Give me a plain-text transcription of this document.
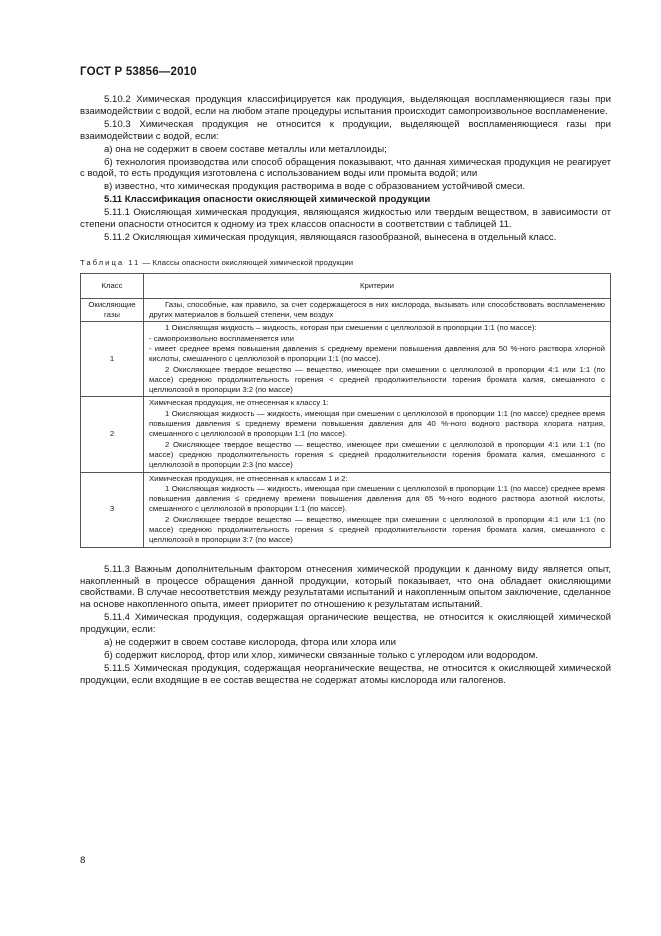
ГОСТ Р 53856—2010

5.10.2 Химическая продукция классифицируется как продукция, выделяющая воспламеняющиеся газы при взаимодействии с водой, если на любом этапе процедуры испытания происходит самопроизвольное воспламенение.

5.10.3 Химическая продукция не относится к продукции, выделяющей воспламеняющиеся газы при взаимодействии с водой, если:

а) она не содержит в своем составе металлы или металлоиды;

б) технология производства или способ обращения показывают, что данная химическая продукция не реагирует с водой, то есть продукция изготовлена с использованием воды или промыта водой; или

в) известно, что химическая продукция растворима в воде с образованием устойчивой смеси.

5.11 Классификация опасности окисляющей химической продукции

5.11.1 Окисляющая химическая продукция, являющаяся жидкостью или твердым веществом, в зависимости от степени опасности относится к одному из трех классов опасности в соответствии с таблицей 11.

5.11.2 Окисляющая химическая продукция, являющаяся газообразной, вынесена в отдельный класс.

Таблица 11 — Классы опасности окисляющей химической продукции
Класс	Критерии
Окисляющие газы	Газы, способные, как правило, за счет содержащегося в них кислорода, вызывать или способствовать воспламенению других материалов в большей степени, чем воздух
1	1 Окисляющая жидкость – жидкость, которая при смешении с целлюлозой в пропорции 1:1 (по массе):
- самопроизвольно воспламеняется или
- имеет среднее время повышения давления ≤ среднему времени повышения давления для 50 %-ного раствора хлорной кислоты, смешанного с целлюлозой в пропорции 1:1 (по массе).
2 Окисляющее твердое вещество — вещество, имеющее при смешении с целлюлозой в пропорции 4:1 или 1:1 (по массе) среднюю продолжительность горения < средней продолжительности горения бромата калия, смешанного с целлюлозой в пропорции 3:2 (по массе)

2	Химическая продукция, не отнесенная к классу 1:
1 Окисляющая жидкость — жидкость, имеющая при смешении с целлюлозой в пропорции 1:1 (по массе) среднее время повышения давления ≤ среднему времени повышения давления для 40 %-ного водного раствора хлората натрия, смешанного с целлюлозой в пропорции 1:1 (по массе).
2 Окисляющее твердое вещество — вещество, имеющее при смешении с целлюлозой в пропорции 4:1 или 1:1 (по массе) среднюю продолжительность горения ≤ средней продолжительности горения бромата калия, смешанного с целлюлозой в пропорции 2:3 (по массе)

3	Химическая продукция, не отнесенная к классам 1 и 2:
1 Окисляющая жидкость — жидкость, имеющая при смешении с целлюлозой в пропорции 1:1 (по массе) среднее время повышения давления ≤ среднему времени повышения давления для 65 %-ного водного раствора азотной кислоты, смешанного с целлюлозой в пропорции 1:1 (по массе).
2 Окисляющее твердое вещество — вещество, имеющее при смешении с целлюлозой в пропорции 4:1 или 1:1 (по массе) среднюю продолжительность горения ≤ средней продолжительности горения бромата калия, смешанного с целлюлозой в пропорции 3:7 (по массе)

5.11.3 Важным дополнительным фактором отнесения химической продукции к данному виду является опыт, накопленный в процессе обращения данной продукции, который показывает, что она обладает окисляющими свойствами. В случае несоответствия между результатами испытаний и накопленным опытом заключение, сделанное на основе накопленного опыта, имеет приоритет по отношению к результатам испытаний.

5.11.4 Химическая продукция, содержащая органические вещества, не относится к окисляющей химической продукции, если:

а) не содержит в своем составе кислорода, фтора или хлора или

б) содержит кислород, фтор или хлор, химически связанные только с углеродом или водородом.

5.11.5 Химическая продукция, содержащая неорганические вещества, не относится к окисляющей химической продукции, если входящие в ее состав вещества не содержат атомы кислорода или галогенов.

8
